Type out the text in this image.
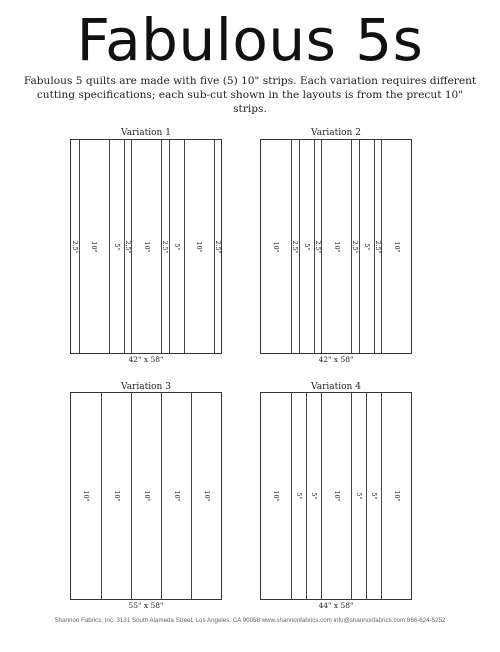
Fabulous 5s
Fabulous 5 quilts are made with five (5) 10" strips. Each variation requires different cutting specifications; each sub-cut shown in the layouts is from the precut 10" strips.
Variation 1
2.5" 10" 5" 2.5" 10" 2.5" 5" 10" 2.5"
42" x 58"
Variation 2
10" 2.5" 5" 2.5" 10" 2.5" 5" 2.5" 10"
42" x 58"
Variation 3
10"	10"	10"	10"	10"
55" x 58"
Variation 4
10" 5" 5" 10" 5" 5" 10"
44" x 58"
Shannon Fabrics, Inc. 3131 South Alameda Street, Los Angeles, CA 90058 www.shannonfabrics.com info@shannonfabrics.com 866-624-5252
